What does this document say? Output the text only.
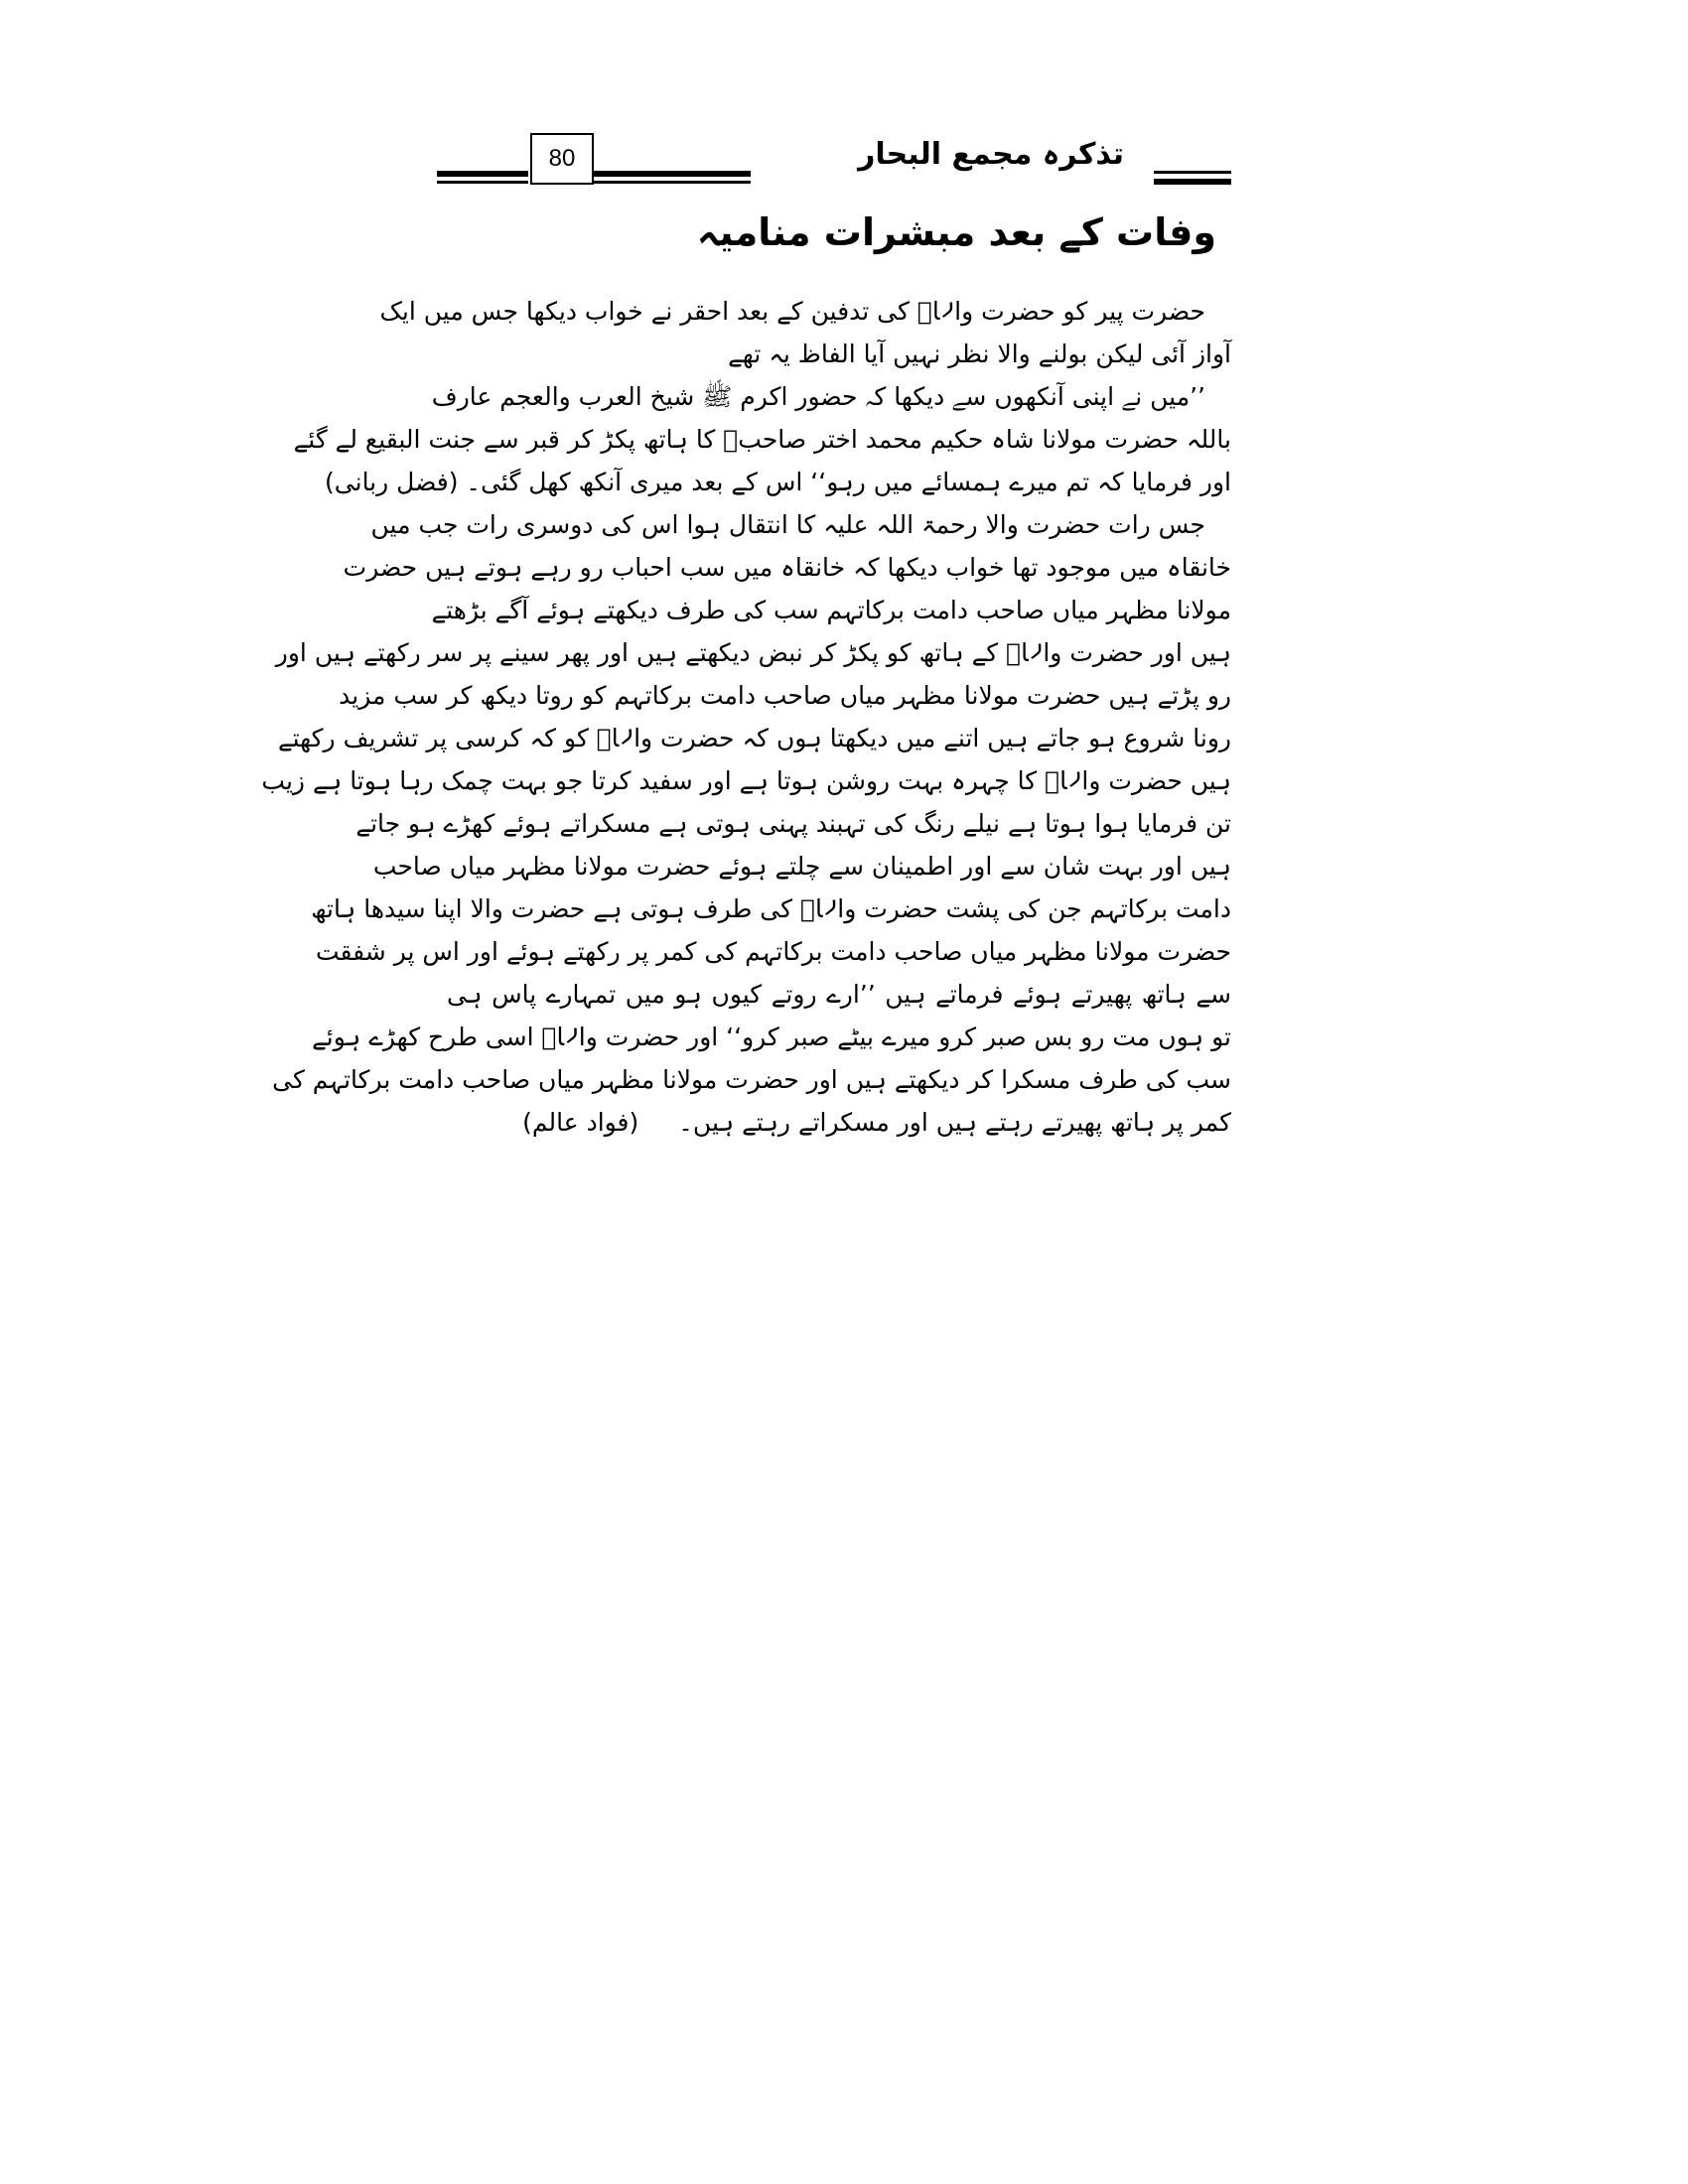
80	تذکرہ مجمع البحار
وفات کے بعد مبشرات منامیہ
حضرت پیر کو حضرت والاؒ کی تدفین کے بعد احقر نے خواب دیکھا جس میں ایک
آواز آئی لیکن بولنے والا نظر نہیں آیا الفاظ یہ تھے
’’میں نے اپنی آنکھوں سے دیکھا کہ حضور اکرم ﷺ شیخ العرب والعجم عارف
باللہ حضرت مولانا شاہ حکیم محمد اختر صاحبؒ کا ہاتھ پکڑ کر قبر سے جنت البقیع لے گئے
اور فرمایا کہ تم میرے ہمسائے میں رہو‘‘ اس کے بعد میری آنکھ کھل گئی۔ (فضل ربانی)
جس رات حضرت والا رحمۃ اللہ علیہ کا انتقال ہوا اس کی دوسری رات جب میں
خانقاہ میں موجود تھا خواب دیکھا کہ خانقاہ میں سب احباب رو رہے ہوتے ہیں حضرت
مولانا مظہر میاں صاحب دامت برکاتہم سب کی طرف دیکھتے ہوئے آگے بڑھتے
ہیں اور حضرت والاؒ کے ہاتھ کو پکڑ کر نبض دیکھتے ہیں اور پھر سینے پر سر رکھتے ہیں اور
رو پڑتے ہیں حضرت مولانا مظہر میاں صاحب دامت برکاتہم کو روتا دیکھ کر سب مزید
رونا شروع ہو جاتے ہیں اتنے میں دیکھتا ہوں کہ حضرت والاؒ کو کہ کرسی پر تشریف رکھتے
ہیں حضرت والاؒ کا چہرہ بہت روشن ہوتا ہے اور سفید کرتا جو بہت چمک رہا ہوتا ہے زیب
تن فرمایا ہوا ہوتا ہے نیلے رنگ کی تہبند پہنی ہوتی ہے مسکراتے ہوئے کھڑے ہو جاتے
ہیں اور بہت شان سے اور اطمینان سے چلتے ہوئے حضرت مولانا مظہر میاں صاحب
دامت برکاتہم جن کی پشت حضرت والاؒ کی طرف ہوتی ہے حضرت والا اپنا سیدھا ہاتھ
حضرت مولانا مظہر میاں صاحب دامت برکاتہم کی کمر پر رکھتے ہوئے اور اس پر شفقت
سے ہاتھ پھیرتے ہوئے فرماتے ہیں ’’ارے روتے کیوں ہو میں تمہارے پاس ہی
تو ہوں مت رو بس صبر کرو میرے بیٹے صبر کرو‘‘ اور حضرت والاؒ اسی طرح کھڑے ہوئے
سب کی طرف مسکرا کر دیکھتے ہیں اور حضرت مولانا مظہر میاں صاحب دامت برکاتہم کی
کمر پر ہاتھ پھیرتے رہتے ہیں اور مسکراتے رہتے ہیں۔(فواد عالم)
